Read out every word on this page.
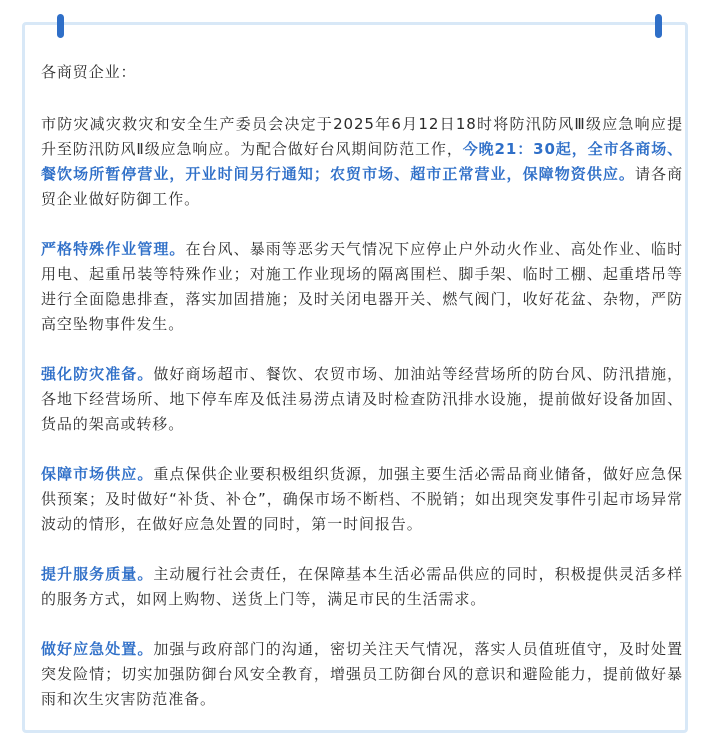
各商贸企业：

市防灾减灾救灾和安全生产委员会决定于2025年6月12日18时将防汛防风Ⅲ级应急响应提升至防汛防风Ⅱ级应急响应。为配合做好台风期间防范工作，今晚21：30起，全市各商场、餐饮场所暂停营业，开业时间另行通知；农贸市场、超市正常营业，保障物资供应。请各商贸企业做好防御工作。

严格特殊作业管理。在台风、暴雨等恶劣天气情况下应停止户外动火作业、高处作业、临时用电、起重吊装等特殊作业；对施工作业现场的隔离围栏、脚手架、临时工棚、起重塔吊等进行全面隐患排查，落实加固措施；及时关闭电器开关、燃气阀门，收好花盆、杂物，严防高空坠物事件发生。

强化防灾准备。做好商场超市、餐饮、农贸市场、加油站等经营场所的防台风、防汛措施，各地下经营场所、地下停车库及低洼易涝点请及时检查防汛排水设施，提前做好设备加固、货品的架高或转移。

保障市场供应。重点保供企业要积极组织货源，加强主要生活必需品商业储备，做好应急保供预案；及时做好“补货、补仓”，确保市场不断档、不脱销；如出现突发事件引起市场异常波动的情形，在做好应急处置的同时，第一时间报告。

提升服务质量。主动履行社会责任，在保障基本生活必需品供应的同时，积极提供灵活多样的服务方式，如网上购物、送货上门等，满足市民的生活需求。

做好应急处置。加强与政府部门的沟通，密切关注天气情况，落实人员值班值守，及时处置突发险情；切实加强防御台风安全教育，增强员工防御台风的意识和避险能力，提前做好暴雨和次生灾害防范准备。
